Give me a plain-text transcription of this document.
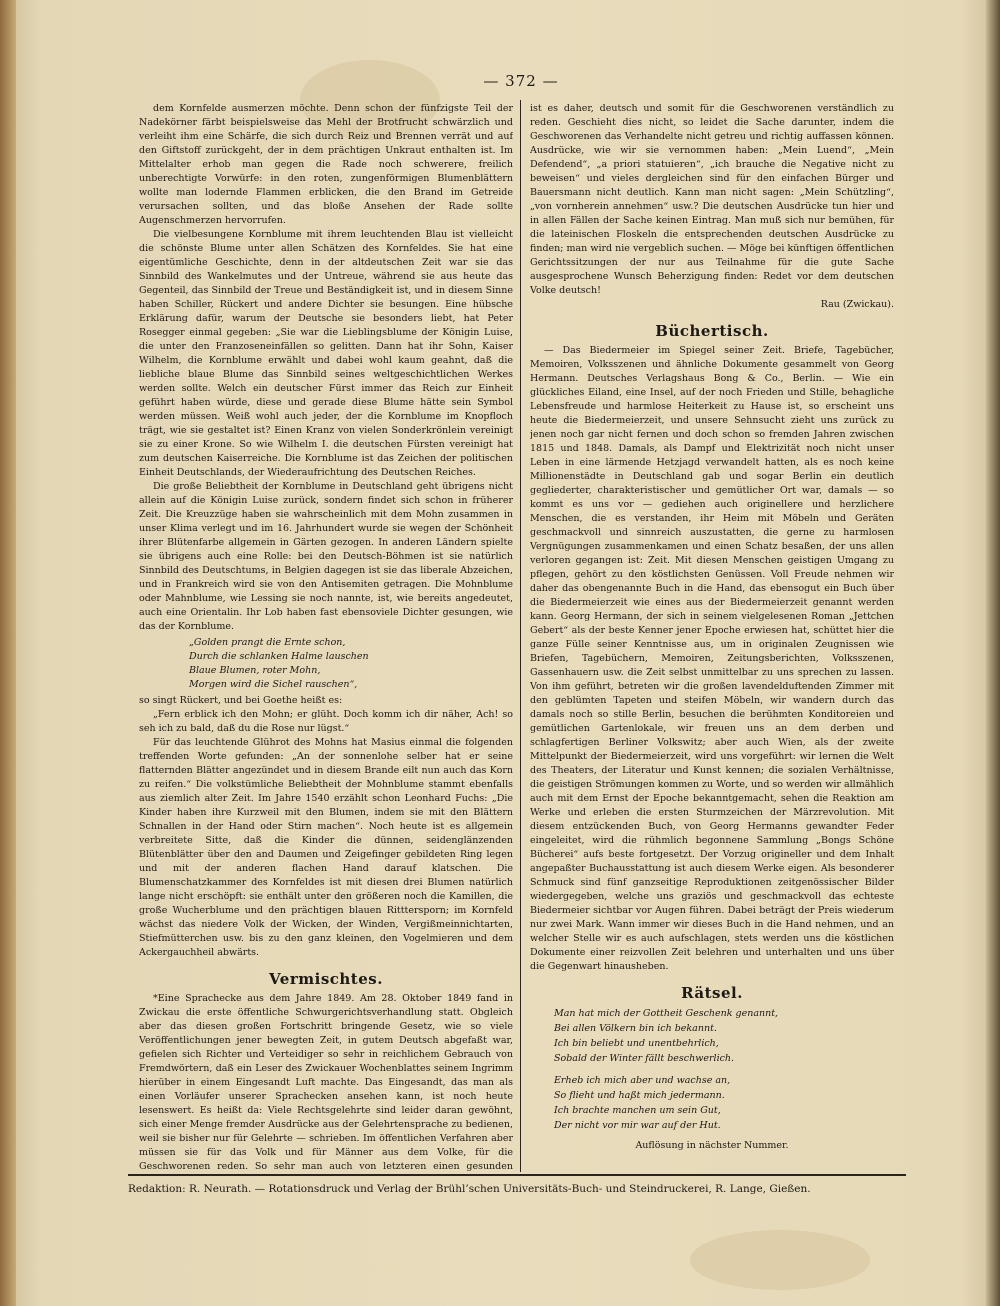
— 372 —

dem Kornfelde ausmerzen möchte. Denn schon der fünfzigste Teil der Nadekörner färbt beispielsweise das Mehl der Brotfrucht schwärzlich und verleiht ihm eine Schärfe, die sich durch Reiz und Brennen verrät und auf den Giftstoff zurückgeht, der in dem prächtigen Unkraut enthalten ist. Im Mittelalter erhob man gegen die Rade noch schwerere, freilich unberechtigte Vorwürfe: in den roten, zungenförmigen Blumenblättern wollte man lodernde Flammen erblicken, die den Brand im Getreide verursachen sollten, und das bloße Ansehen der Rade sollte Augenschmerzen hervorrufen.

Die vielbesungene Kornblume mit ihrem leuchtenden Blau ist vielleicht die schönste Blume unter allen Schätzen des Kornfeldes. Sie hat eine eigentümliche Geschichte, denn in der altdeutschen Zeit war sie das Sinnbild des Wankelmutes und der Untreue, während sie aus heute das Gegenteil, das Sinnbild der Treue und Beständigkeit ist, und in diesem Sinne haben Schiller, Rückert und andere Dichter sie besungen. Eine hübsche Erklärung dafür, warum der Deutsche sie besonders liebt, hat Peter Rosegger einmal gegeben: „Sie war die Lieblingsblume der Königin Luise, die unter den Franzoseneinfällen so gelitten. Dann hat ihr Sohn, Kaiser Wilhelm, die Kornblume erwählt und dabei wohl kaum geahnt, daß die liebliche blaue Blume das Sinnbild seines weltgeschichtlichen Werkes werden sollte. Welch ein deutscher Fürst immer das Reich zur Einheit geführt haben würde, diese und gerade diese Blume hätte sein Symbol werden müssen. Weiß wohl auch jeder, der die Kornblume im Knopfloch trägt, wie sie gestaltet ist? Einen Kranz von vielen Sonderkrönlein vereinigt sie zu einer Krone. So wie Wilhelm I. die deutschen Fürsten vereinigt hat zum deutschen Kaiserreiche. Die Kornblume ist das Zeichen der politischen Einheit Deutschlands, der Wiederaufrichtung des Deutschen Reiches.

Die große Beliebtheit der Kornblume in Deutschland geht übrigens nicht allein auf die Königin Luise zurück, sondern findet sich schon in früherer Zeit. Die Kreuzzüge haben sie wahrscheinlich mit dem Mohn zusammen in unser Klima verlegt und im 16. Jahrhundert wurde sie wegen der Schönheit ihrer Blütenfarbe allgemein in Gärten gezogen. In anderen Ländern spielte sie übrigens auch eine Rolle: bei den Deutsch-Böhmen ist sie natürlich Sinnbild des Deutschtums, in Belgien dagegen ist sie das liberale Abzeichen, und in Frankreich wird sie von den Antisemiten getragen. Die Mohnblume oder Mahnblume, wie Lessing sie noch nannte, ist, wie bereits angedeutet, auch eine Orientalin. Ihr Lob haben fast ebensoviele Dichter gesungen, wie das der Kornblume.

„Golden prangt die Ernte schon,
Durch die schlanken Halme lauschen
Blaue Blumen, roter Mohn,
Morgen wird die Sichel rauschen“,

so singt Rückert, und bei Goethe heißt es:

„Fern erblick ich den Mohn; er glüht. Doch komm ich dir näher, Ach! so seh ich zu bald, daß du die Rose nur lügst.“

Für das leuchtende Glührot des Mohns hat Masius einmal die folgenden treffenden Worte gefunden: „An der sonnenlohe selber hat er seine flatternden Blätter angezündet und in diesem Brande eilt nun auch das Korn zu reifen.“ Die volkstümliche Beliebtheit der Mohnblume stammt ebenfalls aus ziemlich alter Zeit. Im Jahre 1540 erzählt schon Leonhard Fuchs: „Die Kinder haben ihre Kurzweil mit den Blumen, indem sie mit den Blättern Schnallen in der Hand oder Stirn machen“. Noch heute ist es allgemein verbreitete Sitte, daß die Kinder die dünnen, seidenglänzenden Blütenblätter über den and Daumen und Zeigefinger gebildeten Ring legen und mit der anderen flachen Hand darauf klatschen. Die Blumenschatzkammer des Kornfeldes ist mit diesen drei Blumen natürlich lange nicht erschöpft: sie enthält unter den größeren noch die Kamillen, die große Wucherblume und den prächtigen blauen Ritttersporn; im Kornfeld wächst das niedere Volk der Wicken, der Winden, Vergißmeinnichtarten, Stiefmütterchen usw. bis zu den ganz kleinen, den Vogelmieren und dem Ackergauchheil abwärts.

Vermischtes.

*Eine Sprachecke aus dem Jahre 1849. Am 28. Oktober 1849 fand in Zwickau die erste öffentliche Schwurgerichtsverhandlung statt. Obgleich aber das diesen großen Fortschritt bringende Gesetz, wie so viele Veröffentlichungen jener bewegten Zeit, in gutem Deutsch abgefaßt war, gefielen sich Richter und Verteidiger so sehr in reichlichem Gebrauch von Fremdwörtern, daß ein Leser des Zwickauer Wochenblattes seinem Ingrimm hierüber in einem Eingesandt Luft machte. Das Eingesandt, das man als einen Vorläufer unserer Sprachecken ansehen kann, ist noch heute lesenswert. Es heißt da: Viele Rechtsgelehrte sind leider daran gewöhnt, sich einer Menge fremder Ausdrücke aus der Gelehrtensprache zu bedienen, weil sie bisher nur für Gelehrte — schrieben. Im öffentlichen Verfahren aber müssen sie für das Volk und für Männer aus dem Volke, für die Geschworenen reden. So sehr man auch von letzteren einen gesunden

ist es daher, deutsch und somit für die Geschworenen verständlich zu reden. Geschieht dies nicht, so leidet die Sache darunter, indem die Geschworenen das Verhandelte nicht getreu und richtig auffassen können. Ausdrücke, wie wir sie vernommen haben: „Mein Luend“, „Mein Defendend“, „a priori statuieren“, „ich brauche die Negative nicht zu beweisen“ und vieles dergleichen sind für den einfachen Bürger und Bauersmann nicht deutlich. Kann man nicht sagen: „Mein Schützling“, „von vornherein annehmen“ usw.? Die deutschen Ausdrücke tun hier und in allen Fällen der Sache keinen Eintrag. Man muß sich nur bemühen, für die lateinischen Floskeln die entsprechenden deutschen Ausdrücke zu finden; man wird nie vergeblich suchen. — Möge bei künftigen öffentlichen Gerichtssitzungen der nur aus Teilnahme für die gute Sache ausgesprochene Wunsch Beherzigung finden: Redet vor dem deutschen Volke deutsch!

Rau (Zwickau).

Büchertisch.

— Das Biedermeier im Spiegel seiner Zeit. Briefe, Tagebücher, Memoiren, Volksszenen und ähnliche Dokumente gesammelt von Georg Hermann. Deutsches Verlagshaus Bong & Co., Berlin. — Wie ein glückliches Eiland, eine Insel, auf der noch Frieden und Stille, behagliche Lebensfreude und harmlose Heiterkeit zu Hause ist, so erscheint uns heute die Biedermeierzeit, und unsere Sehnsucht zieht uns zurück zu jenen noch gar nicht fernen und doch schon so fremden Jahren zwischen 1815 und 1848. Damals, als Dampf und Elektrizität noch nicht unser Leben in eine lärmende Hetzjagd verwandelt hatten, als es noch keine Millionenstädte in Deutschland gab und sogar Berlin ein deutlich gegliederter, charakteristischer und gemütlicher Ort war, damals — so kommt es uns vor — gediehen auch originellere und herzlichere Menschen, die es verstanden, ihr Heim mit Möbeln und Geräten geschmackvoll und sinnreich auszustatten, die gerne zu harmlosen Vergnügungen zusammenkamen und einen Schatz besaßen, der uns allen verloren gegangen ist: Zeit. Mit diesen Menschen geistigen Umgang zu pflegen, gehört zu den köstlichsten Genüssen. Voll Freude nehmen wir daher das obengenannte Buch in die Hand, das ebensogut ein Buch über die Biedermeierzeit wie eines aus der Biedermeierzeit genannt werden kann. Georg Hermann, der sich in seinem vielgelesenen Roman „Jettchen Gebert“ als der beste Kenner jener Epoche erwiesen hat, schüttet hier die ganze Fülle seiner Kenntnisse aus, um in originalen Zeugnissen wie Briefen, Tagebüchern, Memoiren, Zeitungsberichten, Volksszenen, Gassenhauern usw. die Zeit selbst unmittelbar zu uns sprechen zu lassen. Von ihm geführt, betreten wir die großen lavendelduftenden Zimmer mit den geblümten Tapeten und steifen Möbeln, wir wandern durch das damals noch so stille Berlin, besuchen die berühmten Konditoreien und gemütlichen Gartenlokale, wir freuen uns an dem derben und schlagfertigen Berliner Volkswitz; aber auch Wien, als der zweite Mittelpunkt der Biedermeierzeit, wird uns vorgeführt: wir lernen die Welt des Theaters, der Literatur und Kunst kennen; die sozialen Verhältnisse, die geistigen Strömungen kommen zu Worte, und so werden wir allmählich auch mit dem Ernst der Epoche bekanntgemacht, sehen die Reaktion am Werke und erleben die ersten Sturmzeichen der Märzrevolution. Mit diesem entzückenden Buch, von Georg Hermanns gewandter Feder eingeleitet, wird die rühmlich begonnene Sammlung „Bongs Schöne Bücherei“ aufs beste fortgesetzt. Der Vorzug origineller und dem Inhalt angepaßter Buchausstattung ist auch diesem Werke eigen. Als besonderer Schmuck sind fünf ganzseitige Reproduktionen zeitgenössischer Bilder wiedergegeben, welche uns graziös und geschmackvoll das echteste Biedermeier sichtbar vor Augen führen. Dabei beträgt der Preis wiederum nur zwei Mark. Wann immer wir dieses Buch in die Hand nehmen, und an welcher Stelle wir es auch aufschlagen, stets werden uns die köstlichen Dokumente einer reizvollen Zeit belehren und unterhalten und uns über die Gegenwart hinausheben.

Rätsel.
Man hat mich der Gottheit Geschenk genannt,
Bei allen Völkern bin ich bekannt.
Ich bin beliebt und unentbehrlich,
Sobald der Winter fällt beschwerlich.
Erheb ich mich aber und wachse an,
So flieht und haßt mich jedermann.
Ich brachte manchen um sein Gut,
Der nicht vor mir war auf der Hut.
Auflösung in nächster Nummer.
Redaktion: R. Neurath. — Rotationsdruck und Verlag der Brühl’schen Universitäts-Buch- und Steindruckerei, R. Lange, Gießen.
